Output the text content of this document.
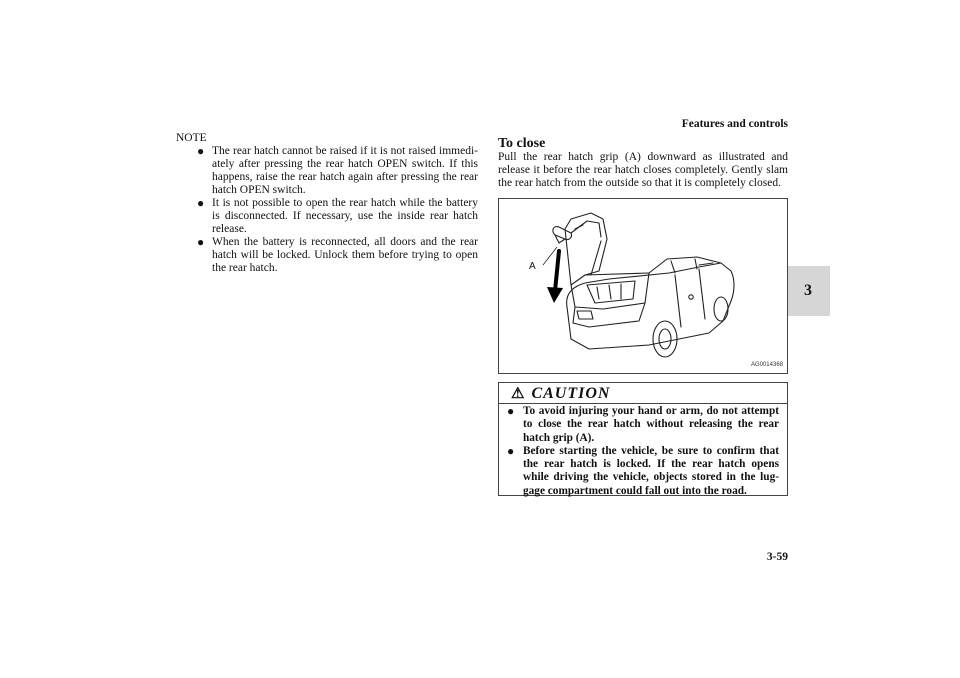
Features and controls
3

NOTE

● The rear hatch cannot be raised if it is not raised immedi-ately after pressing the rear hatch OPEN switch. If this happens, raise the rear hatch again after pressing the rear hatch OPEN switch.
● It is not possible to open the rear hatch while the battery is disconnected. If necessary, use the inside rear hatch release.
● When the battery is reconnected, all doors and the rear hatch will be locked. Unlock them before trying to open the rear hatch.

To close

Pull the rear hatch grip (A) downward as illustrated and release it before the rear hatch closes completely. Gently slam the rear hatch from the outside so that it is completely closed.

A
AG0014368
⚠ CAUTION
● To avoid injuring your hand or arm, do not attempt to close the rear hatch without releasing the rear hatch grip (A).
● Before starting the vehicle, be sure to confirm that the rear hatch is locked. If the rear hatch opens while driving the vehicle, objects stored in the lug-gage compartment could fall out into the road.
3-59
